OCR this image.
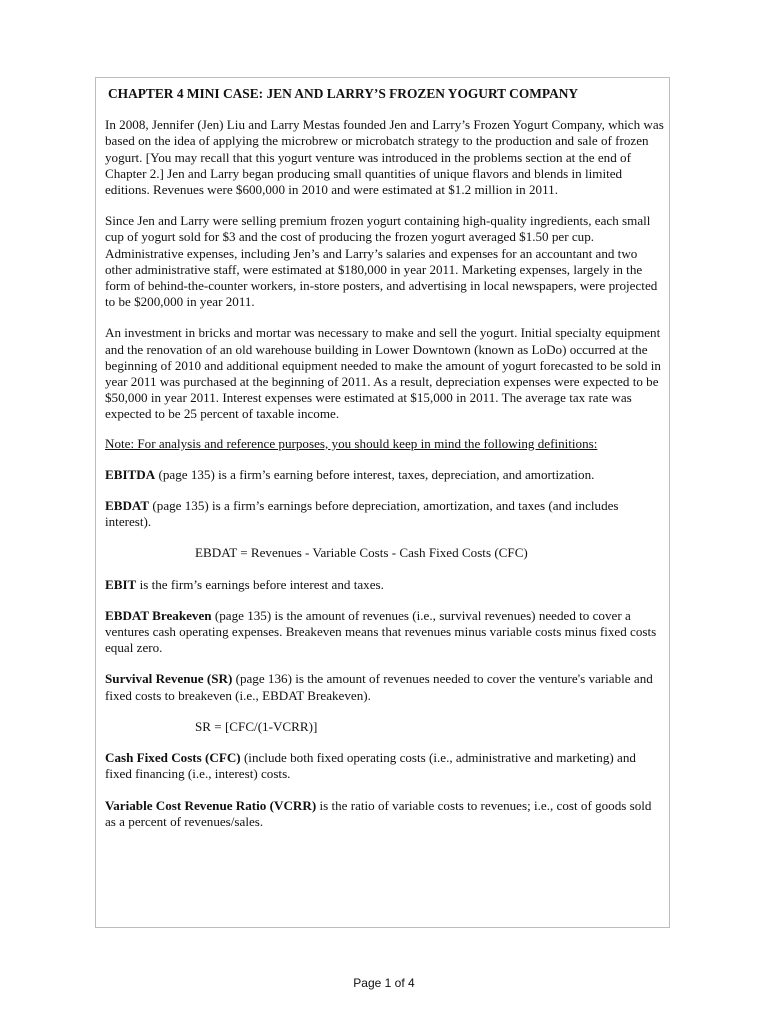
CHAPTER 4 MINI CASE: JEN AND LARRY’S FROZEN YOGURT COMPANY

In 2008, Jennifer (Jen) Liu and Larry Mestas founded Jen and Larry’s Frozen Yogurt Company, which was based on the idea of applying the microbrew or microbatch strategy to the production and sale of frozen yogurt. [You may recall that this yogurt venture was introduced in the problems section at the end of Chapter 2.] Jen and Larry began producing small quantities of unique flavors and blends in limited editions. Revenues were $600,000 in 2010 and were estimated at $1.2 million in 2011.

Since Jen and Larry were selling premium frozen yogurt containing high-quality ingredients, each small cup of yogurt sold for $3 and the cost of producing the frozen yogurt averaged $1.50 per cup. Administrative expenses, including Jen’s and Larry’s salaries and expenses for an accountant and two other administrative staff, were estimated at $180,000 in year 2011. Marketing expenses, largely in the form of behind-the-counter workers, in-store posters, and advertising in local newspapers, were projected to be $200,000 in year 2011.

An investment in bricks and mortar was necessary to make and sell the yogurt. Initial specialty equipment and the renovation of an old warehouse building in Lower Downtown (known as LoDo) occurred at the beginning of 2010 and additional equipment needed to make the amount of yogurt forecasted to be sold in year 2011 was purchased at the beginning of 2011. As a result, depreciation expenses were expected to be $50,000 in year 2011. Interest expenses were estimated at $15,000 in 2011. The average tax rate was expected to be 25 percent of taxable income.

Note: For analysis and reference purposes, you should keep in mind the following definitions:

EBITDA (page 135) is a firm’s earning before interest, taxes, depreciation, and amortization.

EBDAT (page 135) is a firm’s earnings before depreciation, amortization, and taxes (and includes interest).

EBDAT = Revenues - Variable Costs - Cash Fixed Costs (CFC)

EBIT is the firm’s earnings before interest and taxes.

EBDAT Breakeven (page 135) is the amount of revenues (i.e., survival revenues) needed to cover a ventures cash operating expenses. Breakeven means that revenues minus variable costs minus fixed costs equal zero.

Survival Revenue (SR) (page 136) is the amount of revenues needed to cover the venture's variable and fixed costs to breakeven (i.e., EBDAT Breakeven).

SR = [CFC/(1-VCRR)]

Cash Fixed Costs (CFC) (include both fixed operating costs (i.e., administrative and marketing) and fixed financing (i.e., interest) costs.

Variable Cost Revenue Ratio (VCRR) is the ratio of variable costs to revenues; i.e., cost of goods sold as a percent of revenues/sales.

Page 1 of 4
